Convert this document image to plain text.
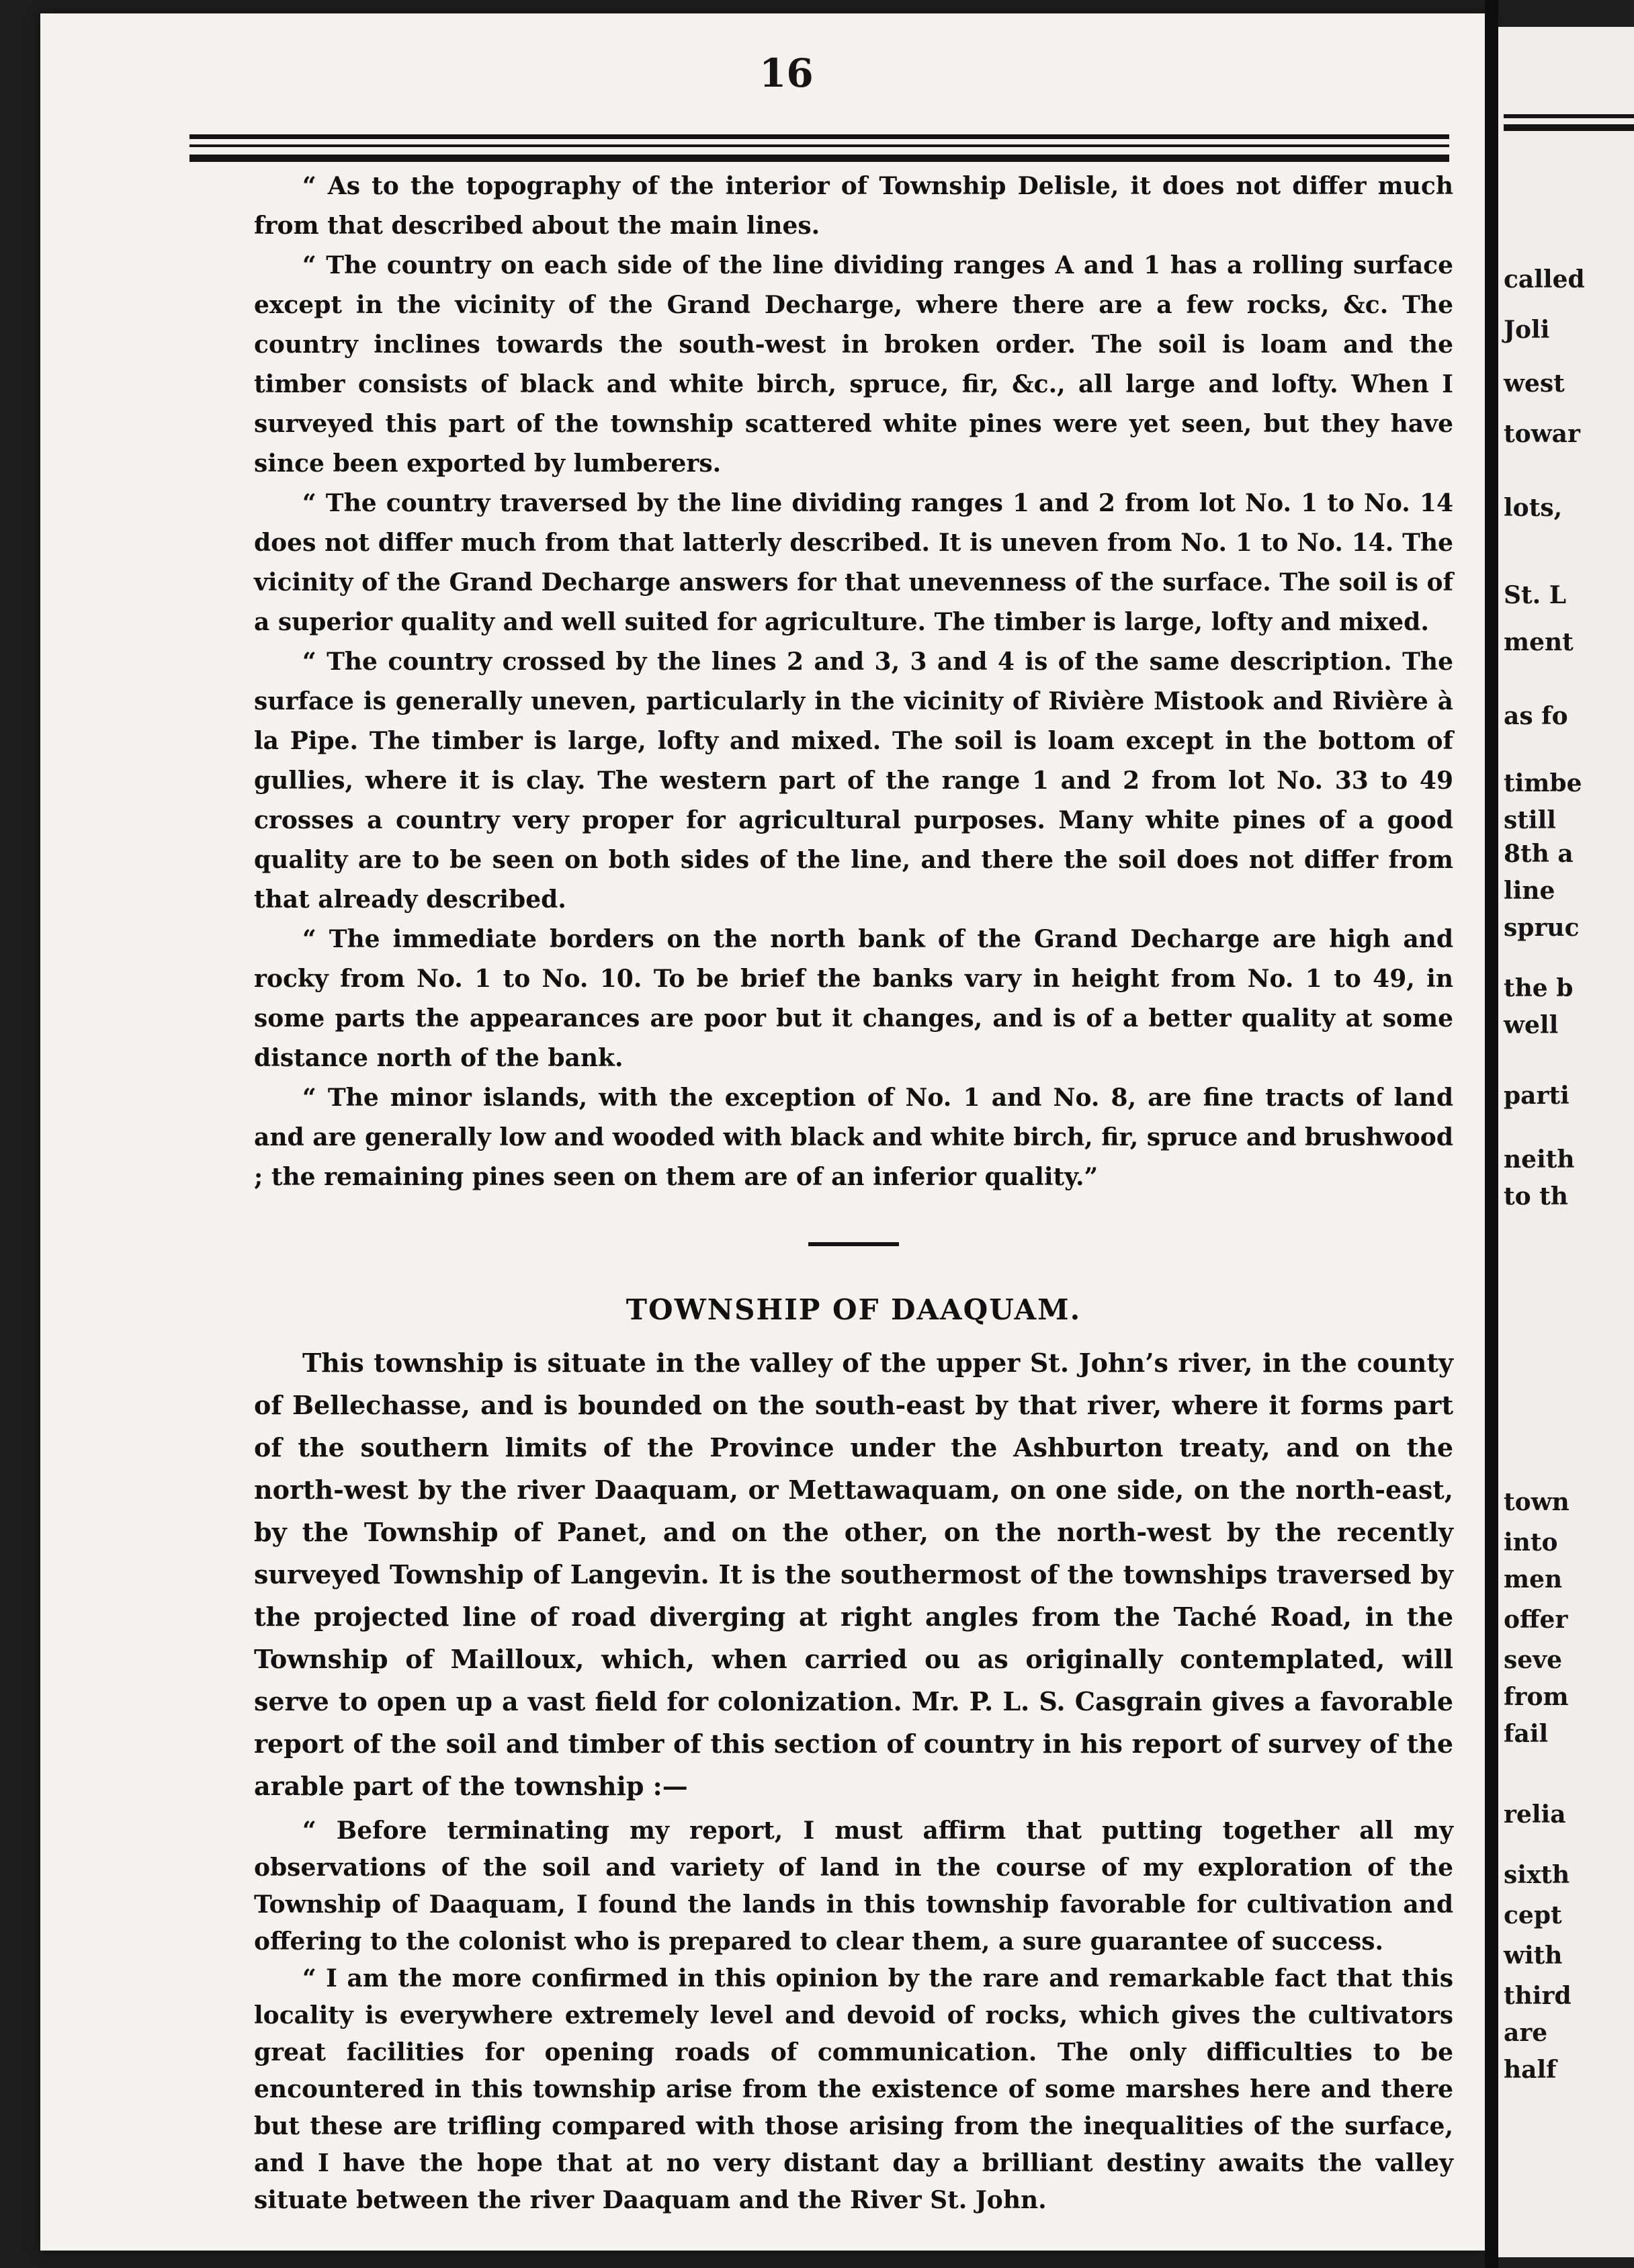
16

“ As to the topography of the interior of Township Delisle, it does not differ much from that described about the main lines.

“ The country on each side of the line dividing ranges A and 1 has a rolling surface except in the vicinity of the Grand Decharge, where there are a few rocks, &c. The country inclines towards the south-west in broken order. The soil is loam and the timber consists of black and white birch, spruce, fir, &c., all large and lofty. When I surveyed this part of the township scattered white pines were yet seen, but they have since been exported by lumberers.

“ The country traversed by the line dividing ranges 1 and 2 from lot No. 1 to No. 14 does not differ much from that latterly described. It is uneven from No. 1 to No. 14. The vicinity of the Grand Decharge answers for that unevenness of the surface. The soil is of a superior quality and well suited for agriculture. The timber is large, lofty and mixed.

“ The country crossed by the lines 2 and 3, 3 and 4 is of the same description. The surface is generally uneven, particularly in the vicinity of Rivière Mistook and Rivière à la Pipe. The timber is large, lofty and mixed. The soil is loam except in the bottom of gullies, where it is clay. The western part of the range 1 and 2 from lot No. 33 to 49 crosses a country very proper for agricultural purposes. Many white pines of a good quality are to be seen on both sides of the line, and there the soil does not differ from that already described.

“ The immediate borders on the north bank of the Grand Decharge are high and rocky from No. 1 to No. 10. To be brief the banks vary in height from No. 1 to 49, in some parts the appearances are poor but it changes, and is of a better quality at some distance north of the bank.

“ The minor islands, with the exception of No. 1 and No. 8, are fine tracts of land and are generally low and wooded with black and white birch, fir, spruce and brushwood ; the remaining pines seen on them are of an inferior quality.”

TOWNSHIP OF DAAQUAM.

This township is situate in the valley of the upper St. John’s river, in the county of Bellechasse, and is bounded on the south-east by that river, where it forms part of the southern limits of the Province under the Ashburton treaty, and on the north-west by the river Daaquam, or Mettawaquam, on one side, on the north-east, by the Township of Panet, and on the other, on the north-west by the recently surveyed Township of Langevin. It is the southermost of the townships traversed by the projected line of road diverging at right angles from the Taché Road, in the Township of Mailloux, which, when carried ou as originally contemplated, will serve to open up a vast field for colonization. Mr. P. L. S. Casgrain gives a favorable report of the soil and timber of this section of country in his report of survey of the arable part of the township :—

“ Before terminating my report, I must affirm that putting together all my observations of the soil and variety of land in the course of my exploration of the Township of Daaquam, I found the lands in this township favorable for cultivation and offering to the colonist who is prepared to clear them, a sure guarantee of success.

“ I am the more confirmed in this opinion by the rare and remarkable fact that this locality is everywhere extremely level and devoid of rocks, which gives the cultivators great facilities for opening roads of communication. The only difficulties to be encountered in this township arise from the existence of some marshes here and there but these are trifling compared with those arising from the inequalities of the surface, and I have the hope that at no very distant day a brilliant destiny awaits the valley situate between the river Daaquam and the River St. John.

called
Joli
west
towar
lots,
St. L
ment
as fo
timbe
still
8th a
line
spruc
the b
well
parti
neith
to th
town
into
men
offer
seve
from
fail
relia
sixth
cept
with
third
are
half
